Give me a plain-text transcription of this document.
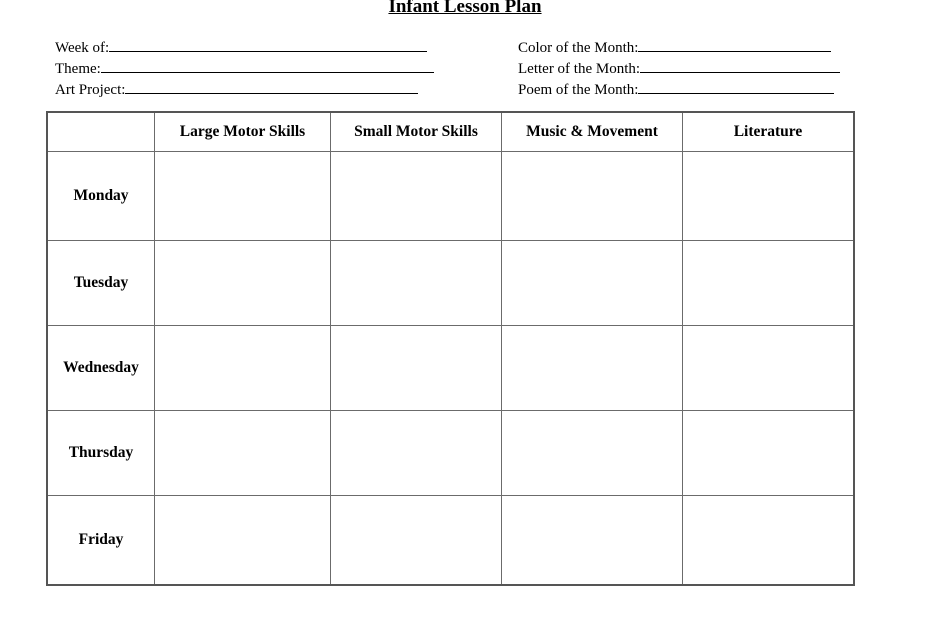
Infant Lesson Plan
Week of:
Theme:
Art Project:
Color of the Month:
Letter of the Month:
Poem of the Month:
	Large Motor Skills	Small Motor Skills	Music & Movement	Literature
Monday				
Tuesday				
Wednesday				
Thursday				
Friday				
